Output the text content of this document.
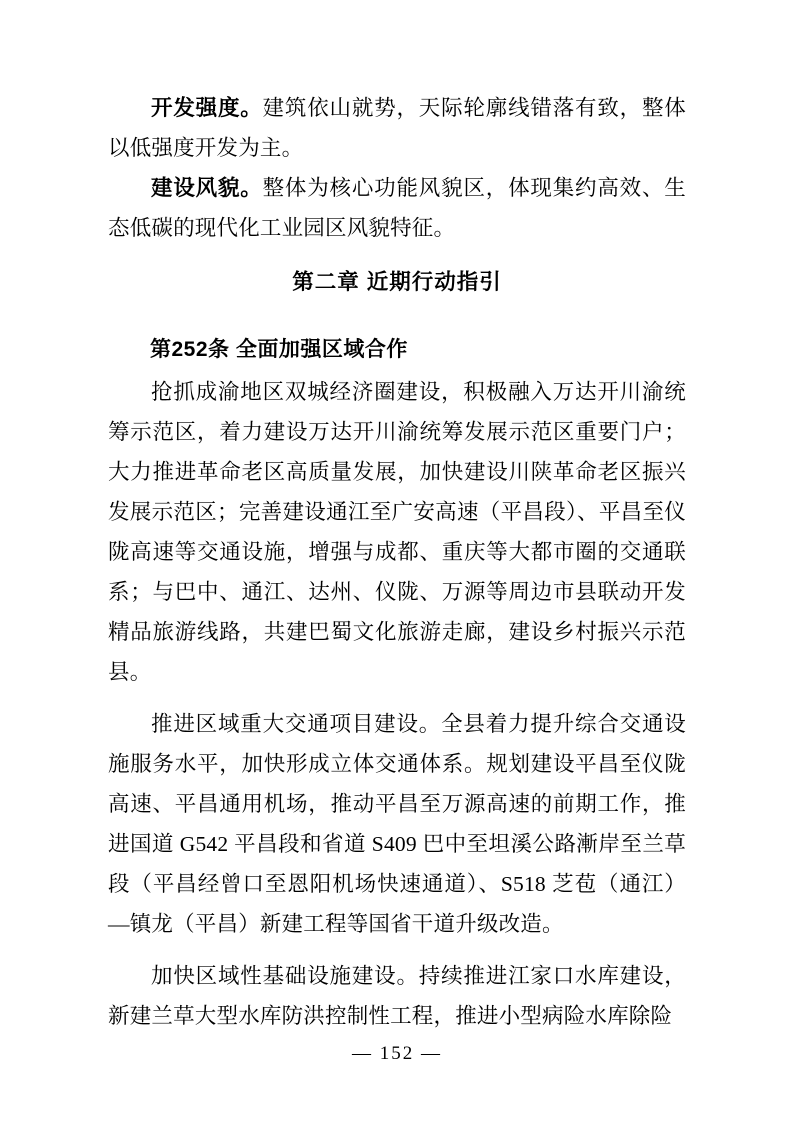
开发强度。建筑依山就势，天际轮廓线错落有致，整体以低强度开发为主。

建设风貌。整体为核心功能风貌区，体现集约高效、生态低碳的现代化工业园区风貌特征。

第二章 近期行动指引
第252条 全面加强区域合作

抢抓成渝地区双城经济圈建设，积极融入万达开川渝统筹示范区，着力建设万达开川渝统筹发展示范区重要门户；大力推进革命老区高质量发展，加快建设川陕革命老区振兴发展示范区；完善建设通江至广安高速（平昌段）、平昌至仪陇高速等交通设施，增强与成都、重庆等大都市圈的交通联系；与巴中、通江、达州、仪陇、万源等周边市县联动开发精品旅游线路，共建巴蜀文化旅游走廊，建设乡村振兴示范县。

推进区域重大交通项目建设。全县着力提升综合交通设施服务水平，加快形成立体交通体系。规划建设平昌至仪陇高速、平昌通用机场，推动平昌至万源高速的前期工作，推进国道 G542 平昌段和省道 S409 巴中至坦溪公路漸岸至兰草段（平昌经曾口至恩阳机场快速通道）、S518 芝苞（通江）—镇龙（平昌）新建工程等国省干道升级改造。

加快区域性基础设施建设。持续推进江家口水库建设，新建兰草大型水库防洪控制性工程，推进小型病险水库除险

— 152 —
